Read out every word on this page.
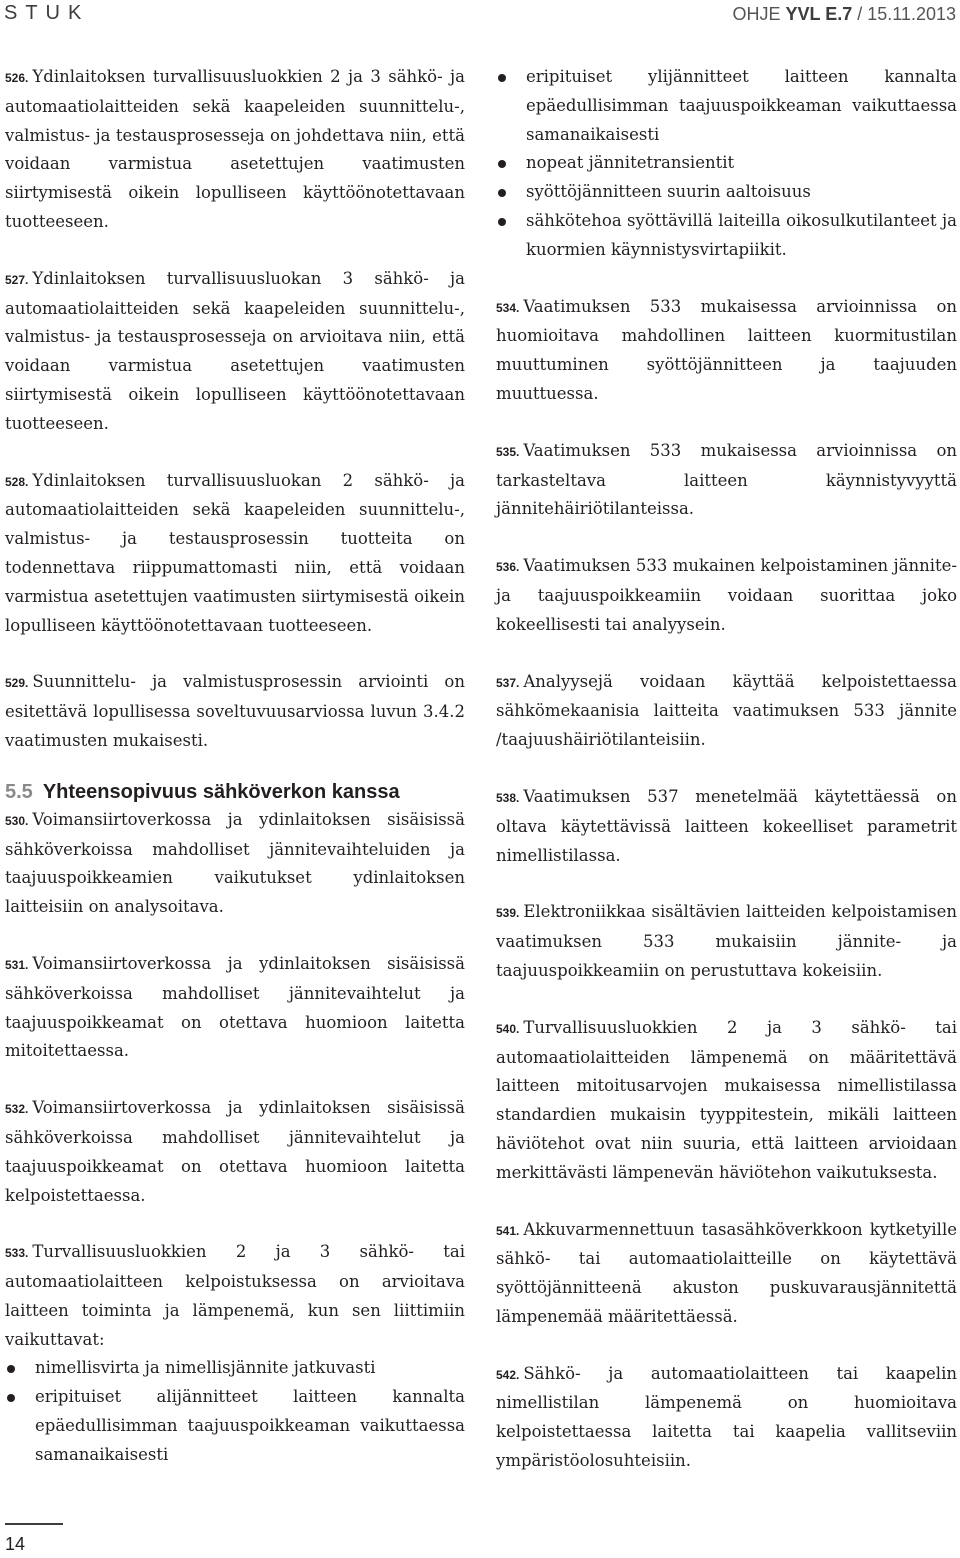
STUK	OHJE YVL E.7 / 15.11.2013

526. Ydinlaitoksen turvallisuusluokkien 2 ja 3 sähkö- ja automaatiolaitteiden sekä kaapeleiden suunnittelu-, valmistus- ja testausprosesseja on johdettava niin, että voidaan varmistua asetettujen vaatimusten siirtymisestä oikein lopulliseen käyttöönotettavaan tuotteeseen.

527. Ydinlaitoksen turvallisuusluokan 3 sähkö- ja automaatiolaitteiden sekä kaapeleiden suunnittelu-, valmistus- ja testausprosesseja on arvioitava niin, että voidaan varmistua asetettujen vaatimusten siirtymisestä oikein lopulliseen käyttöönotettavaan tuotteeseen.

528. Ydinlaitoksen turvallisuusluokan 2 sähkö- ja automaatiolaitteiden sekä kaapeleiden suunnittelu-, valmistus- ja testausprosessin tuotteita on todennettava riippumattomasti niin, että voidaan varmistua asetettujen vaatimusten siirtymisestä oikein lopulliseen käyttöönotettavaan tuotteeseen.

529. Suunnittelu- ja valmistusprosessin arviointi on esitettävä lopullisessa soveltuvuusarviossa luvun 3.4.2 vaatimusten mukaisesti.

5.5 Yhteensopivuus sähköverkon kanssa

530. Voimansiirtoverkossa ja ydinlaitoksen sisäisissä sähköverkoissa mahdolliset jännitevaihteluiden ja taajuuspoikkeamien vaikutukset ydinlaitoksen laitteisiin on analysoitava.

531. Voimansiirtoverkossa ja ydinlaitoksen sisäisissä sähköverkoissa mahdolliset jännitevaihtelut ja taajuuspoikkeamat on otettava huomioon laitetta mitoitettaessa.

532. Voimansiirtoverkossa ja ydinlaitoksen sisäisissä sähköverkoissa mahdolliset jännitevaihtelut ja taajuuspoikkeamat on otettava huomioon laitetta kelpoistettaessa.

533. Turvallisuusluokkien 2 ja 3 sähkö- tai automaatiolaitteen kelpoistuksessa on arvioitava laitteen toiminta ja lämpenemä, kun sen liittimiin vaikuttavat:

nimellisvirta ja nimellisjännite jatkuvasti
eripituiset alijännitteet laitteen kannalta epäedullisimman taajuuspoikkeaman vaikuttaessa samanaikaisesti
eripituiset ylijännitteet laitteen kannalta epäedullisimman taajuuspoikkeaman vaikuttaessa samanaikaisesti
nopeat jännitetransientit
syöttöjännitteen suurin aaltoisuus
sähkötehoa syöttävillä laiteilla oikosulkutilanteet ja kuormien käynnistysvirtapiikit.

534. Vaatimuksen 533 mukaisessa arvioinnissa on huomioitava mahdollinen laitteen kuormitustilan muuttuminen syöttöjännitteen ja taajuuden muuttuessa.

535. Vaatimuksen 533 mukaisessa arvioinnissa on tarkasteltava laitteen käynnistyvyyttä jännitehäiriötilanteissa.

536. Vaatimuksen 533 mukainen kelpoistaminen jännite- ja taajuuspoikkeamiin voidaan suorittaa joko kokeellisesti tai analyysein.

537. Analyysejä voidaan käyttää kelpoistettaessa sähkömekaanisia laitteita vaatimuksen 533 jännite /taajuushäiriötilanteisiin.

538. Vaatimuksen 537 menetelmää käytettäessä on oltava käytettävissä laitteen kokeelliset parametrit nimellistilassa.

539. Elektroniikkaa sisältävien laitteiden kelpoistamisen vaatimuksen 533 mukaisiin jännite- ja taajuuspoikkeamiin on perustuttava kokeisiin.

540. Turvallisuusluokkien 2 ja 3 sähkö- tai automaatiolaitteiden lämpenemä on määritettävä laitteen mitoitusarvojen mukaisessa nimellistilassa standardien mukaisin tyyppitestein, mikäli laitteen häviötehot ovat niin suuria, että laitteen arvioidaan merkittävästi lämpenevän häviötehon vaikutuksesta.

541. Akkuvarmennettuun tasasähköverkkoon kytketyille sähkö- tai automaatiolaitteille on käytettävä syöttöjännitteenä akuston puskuvarausjännitettä lämpenemää määritettäessä.

542. Sähkö- ja automaatiolaitteen tai kaapelin nimellistilan lämpenemä on huomioitava kelpoistettaessa laitetta tai kaapelia vallitseviin ympäristöolosuhteisiin.

14
